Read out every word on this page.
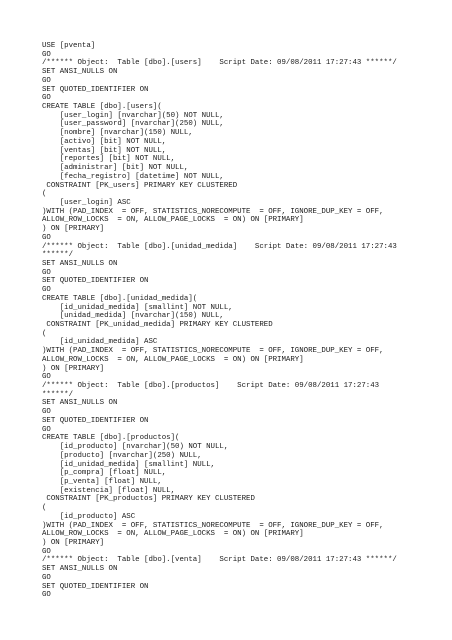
USE [pventa]
GO
/****** Object:  Table [dbo].[users]    Script Date: 09/08/2011 17:27:43 ******/
SET ANSI_NULLS ON
GO
SET QUOTED_IDENTIFIER ON
GO
CREATE TABLE [dbo].[users](
[user_login] [nvarchar](50) NOT NULL,
[user_password] [nvarchar](250) NULL,
[nombre] [nvarchar](150) NULL,
[activo] [bit] NOT NULL,
[ventas] [bit] NOT NULL,
[reportes] [bit] NOT NULL,
[administrar] [bit] NOT NULL,
[fecha_registro] [datetime] NOT NULL,
CONSTRAINT [PK_users] PRIMARY KEY CLUSTERED
(
[user_login] ASC
)WITH (PAD_INDEX  = OFF, STATISTICS_NORECOMPUTE  = OFF, IGNORE_DUP_KEY = OFF,
ALLOW_ROW_LOCKS  = ON, ALLOW_PAGE_LOCKS  = ON) ON [PRIMARY]
) ON [PRIMARY]
GO
/****** Object:  Table [dbo].[unidad_medida]    Script Date: 09/08/2011 17:27:43
******/
SET ANSI_NULLS ON
GO
SET QUOTED_IDENTIFIER ON
GO
CREATE TABLE [dbo].[unidad_medida](
[id_unidad_medida] [smallint] NOT NULL,
[unidad_medida] [nvarchar](150) NULL,
CONSTRAINT [PK_unidad_medida] PRIMARY KEY CLUSTERED
(
[id_unidad_medida] ASC
)WITH (PAD_INDEX  = OFF, STATISTICS_NORECOMPUTE  = OFF, IGNORE_DUP_KEY = OFF,
ALLOW_ROW_LOCKS  = ON, ALLOW_PAGE_LOCKS  = ON) ON [PRIMARY]
) ON [PRIMARY]
GO
/****** Object:  Table [dbo].[productos]    Script Date: 09/08/2011 17:27:43
******/
SET ANSI_NULLS ON
GO
SET QUOTED_IDENTIFIER ON
GO
CREATE TABLE [dbo].[productos](
[id_producto] [nvarchar](50) NOT NULL,
[producto] [nvarchar](250) NULL,
[id_unidad_medida] [smallint] NULL,
[p_compra] [float] NULL,
[p_venta] [float] NULL,
[existencia] [float] NULL,
CONSTRAINT [PK_productos] PRIMARY KEY CLUSTERED
(
[id_producto] ASC
)WITH (PAD_INDEX  = OFF, STATISTICS_NORECOMPUTE  = OFF, IGNORE_DUP_KEY = OFF,
ALLOW_ROW_LOCKS  = ON, ALLOW_PAGE_LOCKS  = ON) ON [PRIMARY]
) ON [PRIMARY]
GO
/****** Object:  Table [dbo].[venta]    Script Date: 09/08/2011 17:27:43 ******/
SET ANSI_NULLS ON
GO
SET QUOTED_IDENTIFIER ON
GO
